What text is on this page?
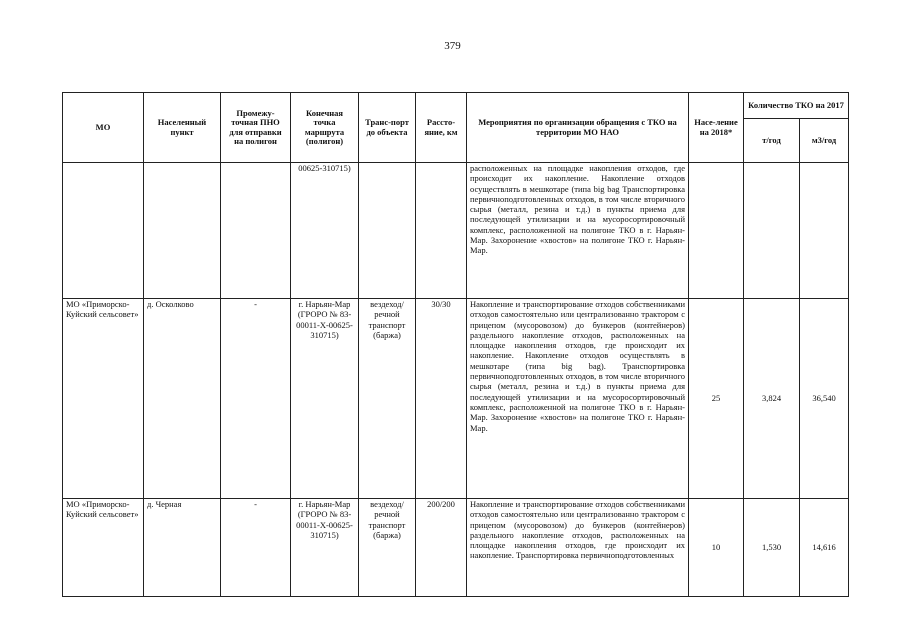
379
МО	Населенный пункт	Промежу-точная ПНО для отправки на полигон	Конечная точка маршрута (полигон)	Транс-порт до объекта	Рассто-яние, км	Мероприятия по организации обращения с ТКО на территории МО НАО	Насе-ление на 2018*	Количество ТКО на 2017	
								т/год	м3/год
			00625-310715)			расположенных на площадке накопления отходов, где происходит их накопление. Накопление отходов осуществлять в мешкотаре (типа big bag Транспортировка первичноподготовленных отходов, в том числе вторичного сырья (металл, резина и т.д.) в пункты приема для последующей утилизации и на мусоросортировочный комплекс, расположенной на полигоне ТКО в г. Нарьян-Мар. Захоронение «хвостов» на полигоне ТКО г. Нарьян-Мар.			
МО «Приморско-Куйский сельсовет»	д. Осколково	-	г. Нарьян-Мар (ГРОРО № 83-00011-Х-00625-310715)	вездеход/ речной транспорт (баржа)	30/30	Накопление и транспортирование отходов собственниками отходов самостоятельно или централизованно трактором с прицепом (мусоровозом) до бункеров (контейнеров) раздельного накопление отходов, расположенных на площадке накопления отходов, где происходит их накопление. Накопление отходов осуществлять в мешкотаре (типа big bag). Транспортировка первичноподготовленных отходов, в том числе вторичного сырья (металл, резина и т.д.) в пункты приема для последующей утилизации и на мусоросортировочный комплекс, расположенной на полигоне ТКО в г. Нарьян-Мар. Захоронение «хвостов» на полигоне ТКО г. Нарьян-Мар.	25	3,824	36,540
МО «Приморско-Куйский сельсовет»	д. Черная	-	г. Нарьян-Мар (ГРОРО № 83-00011-Х-00625-310715)	вездеход/ речной транспорт (баржа)	200/200	Накопление и транспортирование отходов собственниками отходов самостоятельно или централизованно трактором с прицепом (мусоровозом) до бункеров (контейнеров) раздельного накопление отходов, расположенных на площадке накопления отходов, где происходит их накопление. Транспортировка первичноподготовленных	10	1,530	14,616
